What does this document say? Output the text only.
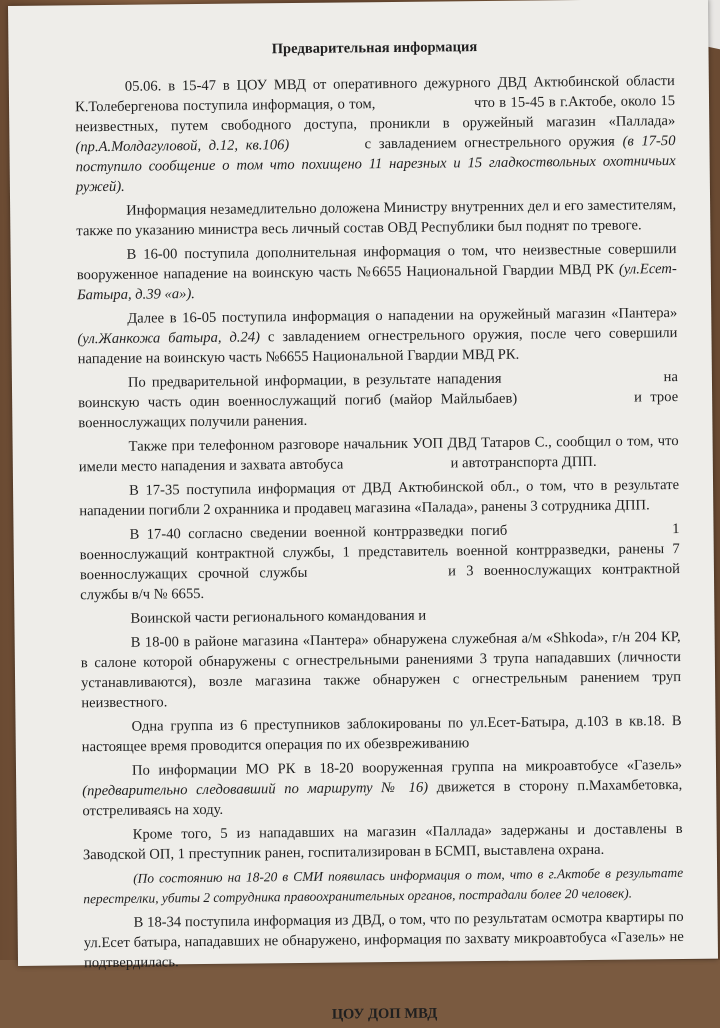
Предварительная информация

05.06. в 15-47 в ЦОУ МВД от оперативного дежурного ДВД Актюбинской области К.Толебергенова поступила информация, о том,	что в 15-45 в г.Актобе, около 15 неизвестных, путем свободного доступа, проникли в оружейный магазин «Паллада» (пр.А.Молдагуловой, д.12, кв.106)	с завладением огнестрельного оружия (в 17-50 поступило сообщение о том что похищено 11 нарезных и 15 гладкоствольных охотничьих ружей).

Информация незамедлительно доложена Министру внутренних дел и его заместителям, также по указанию министра весь личный состав ОВД Республики был поднят по тревоге.

В 16-00 поступила дополнительная информация о том, что неизвестные совершили вооруженное нападение на воинскую часть №6655 Национальной Гвардии МВД РК (ул.Есет-Батыра, д.39 «а»).

Далее в 16-05 поступила информация о нападении на оружейный магазин «Пантера» (ул.Жанкожа батыра, д.24) с завладением огнестрельного оружия, после чего совершили нападение на воинскую часть №6655 Национальной Гвардии МВД РК.

По предварительной информации, в результате нападения	на воинскую часть один военнослужащий погиб (майор Майлыбаев)	и трое военнослужащих получили ранения.

Также при телефонном разговоре начальник УОП ДВД Татаров С., сообщил о том, что имели место нападения и захвата автобуса	и автотранспорта ДПП.

В 17-35 поступила информация от ДВД Актюбинской обл., о том, что в результате нападении погибли 2 охранника и продавец магазина «Палада», ранены 3 сотрудника ДПП.

В 17-40 согласно сведении военной контрразведки погиб	1 военнослужащий контрактной службы, 1 представитель военной контрразведки, ранены 7 военнослужащих срочной службы	и 3 военнослужащих контрактной службы в/ч № 6655.

Воинской части регионального командования и

В 18-00 в районе магазина «Пантера» обнаружена служебная а/м «Shkoda», г/н 204 КР, в салоне которой обнаружены с огнестрельными ранениями 3 трупа нападавших (личности устанавливаются), возле магазина также обнаружен с огнестрельным ранением труп неизвестного.

Одна группа из 6 преступников заблокированы по ул.Есет-Батыра, д.103 в кв.18. В настоящее время проводится операция по их обезвреживанию

По информации МО РК в 18-20 вооруженная группа на микроавтобусе «Газель» (предварительно следовавший по маршруту № 16) движется в сторону п.Махамбетовка, отстреливаясь на ходу.

Кроме того, 5 из нападавших на магазин «Паллада» задержаны и доставлены в Заводской ОП, 1 преступник ранен, госпитализирован в БСМП, выставлена охрана.

(По состоянию на 18-20 в СМИ появилась информация о том, что в г.Актобе в результате перестрелки, убиты 2 сотрудника правоохранительных органов, пострадали более 20 человек).

В 18-34 поступила информация из ДВД, о том, что по результатам осмотра квартиры по ул.Есет батыра, нападавших не обнаружено, информация по захвату микроавтобуса «Газель» не подтвердилась.

ЦОУ ДОП МВД
